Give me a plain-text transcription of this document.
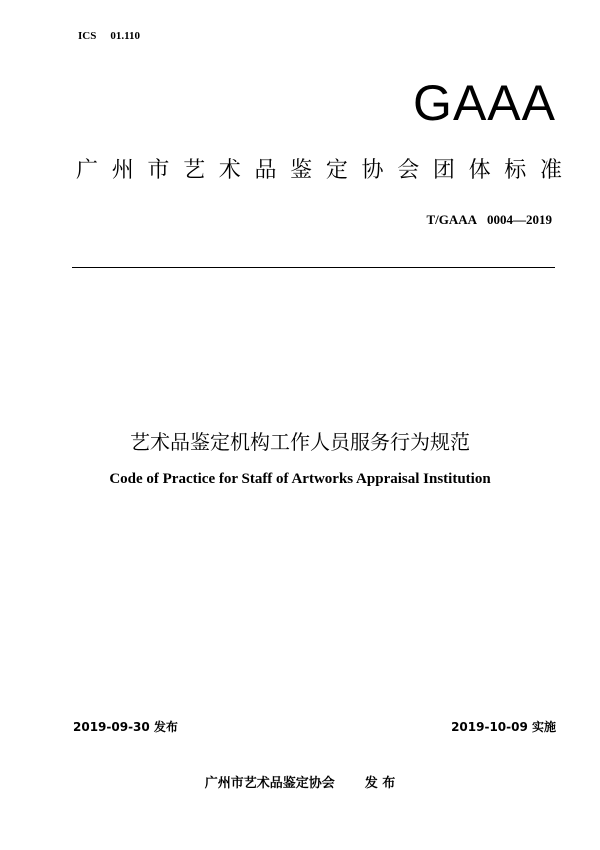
ICS 01.110
GAAA
广州市艺术品鉴定协会团体标准
T/GAAA 0004—2019
艺术品鉴定机构工作人员服务行为规范
Code of Practice for Staff of Artworks Appraisal Institution
2019-09-30 发布	2019-10-09 实施
广州市艺术品鉴定协会 发 布
